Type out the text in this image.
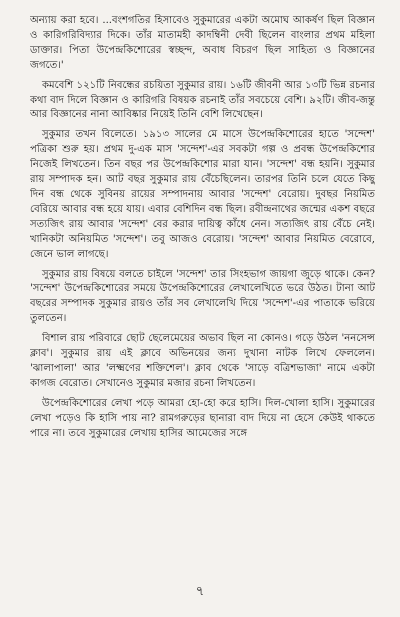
অন্যায় করা হবে। ...বংশগতির হিসাবেও সুকুমারের একটা অমোঘ আকর্ষণ ছিল বিজ্ঞান ও কারিগরিবিদ্যার দিকে। তাঁর মাতামহী কাদম্বিনী দেবী ছিলেন বাংলার প্রথম মহিলা ডাক্তার। পিতা উপেন্দ্রকিশোরের স্বচ্ছন্দ, অবাধ বিচরণ ছিল সাহিত্য ও বিজ্ঞানের জগতে।'

কমবেশি ১২১টি নিবন্ধের রচয়িতা সুকুমার রায়। ১৬টি জীবনী আর ১৩টি ভিন্ন রচনার কথা বাদ দিলে বিজ্ঞান ও কারিগরি বিষয়ক রচনাই তাঁর সবচেয়ে বেশি। ৯২টি। জীব-জন্তু আর বিজ্ঞানের নানা আবিষ্কার নিয়েই তিনি বেশি লিখেছেন।

সুকুমার তখন বিলেতে। ১৯১৩ সালের মে মাসে উপেন্দ্রকিশোরের হাতে 'সন্দেশ' পত্রিকা শুরু হয়। প্রথম দু-এক মাস 'সন্দেশ'-এর সবকটা গল্প ও প্রবন্ধ উপেন্দ্রকিশোর নিজেই লিখতেন। তিন বছর পর উপেন্দ্রকিশোর মারা যান। 'সন্দেশ' বন্ধ হয়নি। সুকুমার রায় সম্পাদক হন। আট বছর সুকুমার রায় বেঁচেছিলেন। তারপর তিনি চলে যেতে কিছু দিন বন্ধ থেকে সুবিনয় রায়ের সম্পাদনায় আবার 'সন্দেশ' বেরোয়। দুবছর নিয়মিত বেরিয়ে আবার বন্ধ হয়ে যায়। এবার বেশিদিন বন্ধ ছিল। রবীন্দ্রনাথের জন্মের একশ বছরে সত্যজিৎ রায় আবার 'সন্দেশ' বের করার দায়িত্ব কাঁধে নেন। সত্যজিৎ রায় বেঁচে নেই। খানিকটা অনিয়মিত 'সন্দেশ'। তবু আজও বেরোয়। 'সন্দেশ' আবার নিয়মিত বেরোবে, জেনে ভাল লাগছে।

সুকুমার রায় বিষয়ে বলতে চাইলে 'সন্দেশ' তার সিংহভাগ জায়গা জুড়ে থাকে। কেন? 'সন্দেশ' উপেন্দ্রকিশোরের সময়ে উপেন্দ্রকিশোরের লেখালেখিতে ভরে উঠত। টানা আট বছরের সম্পাদক সুকুমার রায়ও তাঁর সব লেখালেখি দিয়ে 'সন্দেশ'-এর পাতাকে ভরিয়ে তুলতেন।

বিশাল রায় পরিবারে ছোট ছেলেমেয়ের অভাব ছিল না কোনও। গড়ে উঠল 'ননসেন্স ক্লাব'। সুকুমার রায় এই ক্লাবে অভিনয়ের জন্য দুখানা নাটক লিখে ফেললেন। 'ঝালাপালা' আর 'লক্ষ্মণের শক্তিশেল'। ক্লাব থেকে 'সাড়ে বত্রিশভাজা' নামে একটা কাগজ বেরোত। সেখানেও সুকুমার মজার রচনা লিখতেন।

উপেন্দ্রকিশোরের লেখা পড়ে আমরা হো-হো করে হাসি। দিল-খোলা হাসি। সুকুমারের লেখা পড়েও কি হাসি পায় না? রামগরুড়ের ছানারা বাদ দিয়ে না হেসে কেউই থাকতে পারে না। তবে সুকুমারের লেখায় হাসির আমেজের সঙ্গে

৭
